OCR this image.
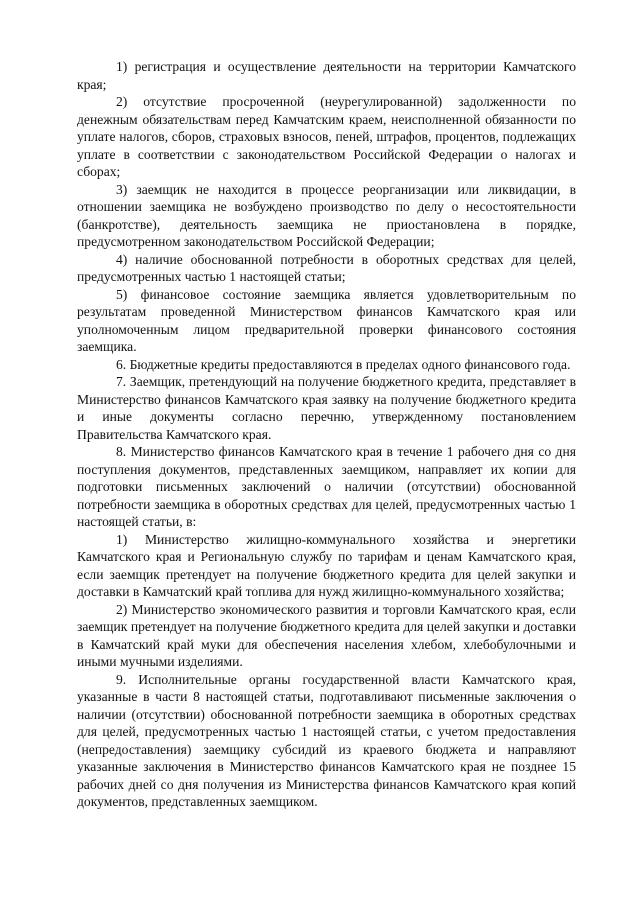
1) регистрация и осуществление деятельности на территории Камчатского края;

2) отсутствие просроченной (неурегулированной) задолженности по денежным обязательствам перед Камчатским краем, неисполненной обязанности по уплате налогов, сборов, страховых взносов, пеней, штрафов, процентов, подлежащих уплате в соответствии с законодательством Российской Федерации о налогах и сборах;

3) заемщик не находится в процессе реорганизации или ликвидации, в отношении заемщика не возбуждено производство по делу о несостоятельности (банкротстве), деятельность заемщика не приостановлена в порядке, предусмотренном законодательством Российской Федерации;

4) наличие обоснованной потребности в оборотных средствах для целей, предусмотренных частью 1 настоящей статьи;

5) финансовое состояние заемщика является удовлетворительным по результатам проведенной Министерством финансов Камчатского края или уполномоченным лицом предварительной проверки финансового состояния заемщика.

6. Бюджетные кредиты предоставляются в пределах одного финансового года.

7. Заемщик, претендующий на получение бюджетного кредита, представляет в Министерство финансов Камчатского края заявку на получение бюджетного кредита и иные документы согласно перечню, утвержденному постановлением Правительства Камчатского края.

8. Министерство финансов Камчатского края в течение 1 рабочего дня со дня поступления документов, представленных заемщиком, направляет их копии для подготовки письменных заключений о наличии (отсутствии) обоснованной потребности заемщика в оборотных средствах для целей, предусмотренных частью 1 настоящей статьи, в:

1) Министерство жилищно-коммунального хозяйства и энергетики Камчатского края и Региональную службу по тарифам и ценам Камчатского края, если заемщик претендует на получение бюджетного кредита для целей закупки и доставки в Камчатский край топлива для нужд жилищно-коммунального хозяйства;

2) Министерство экономического развития и торговли Камчатского края, если заемщик претендует на получение бюджетного кредита для целей закупки и доставки в Камчатский край муки для обеспечения населения хлебом, хлебобулочными и иными мучными изделиями.

9. Исполнительные органы государственной власти Камчатского края, указанные в части 8 настоящей статьи, подготавливают письменные заключения о наличии (отсутствии) обоснованной потребности заемщика в оборотных средствах для целей, предусмотренных частью 1 настоящей статьи, с учетом предоставления (непредоставления) заемщику субсидий из краевого бюджета и направляют указанные заключения в Министерство финансов Камчатского края не позднее 15 рабочих дней со дня получения из Министерства финансов Камчатского края копий документов, представленных заемщиком.
